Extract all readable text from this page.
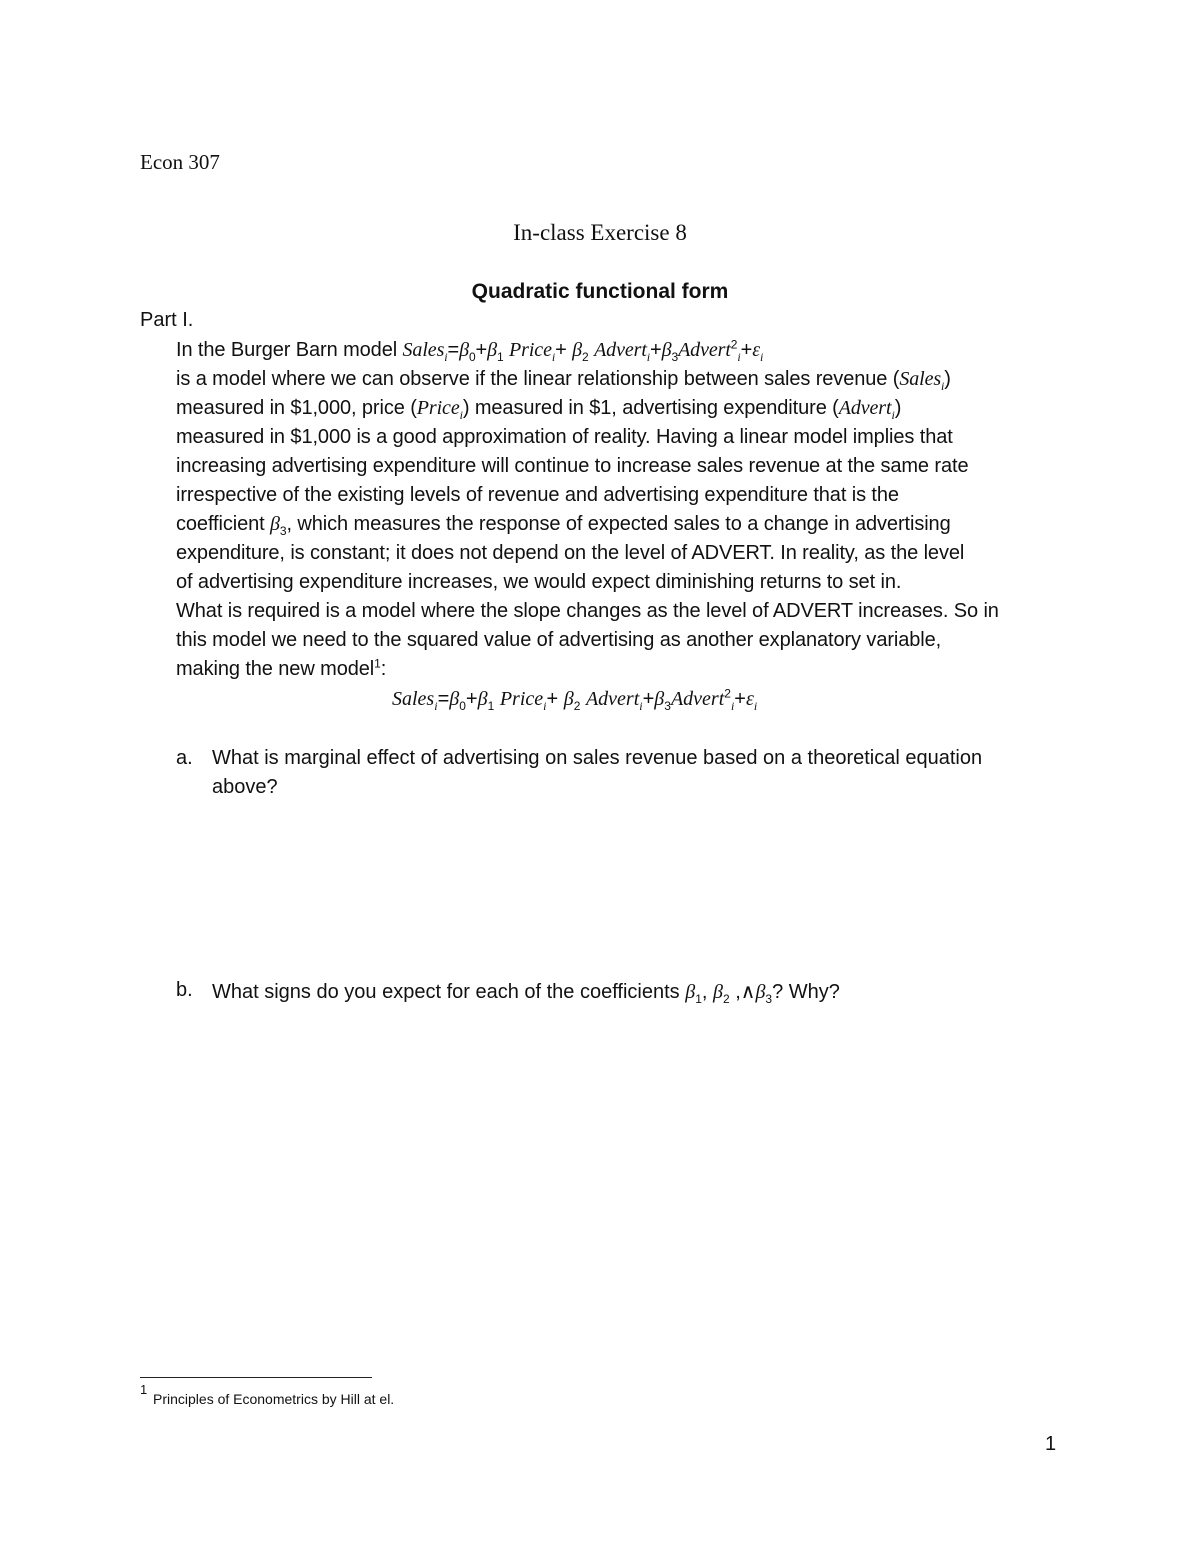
Econ 307
In-class Exercise 8
Quadratic functional form
Part I.
In the Burger Barn model $Sales_i=\beta_0+\beta_1$ Price$_i$+ $\beta_2$ $Advert_i+\beta_3Advert^2_i+\varepsilon_i$
is a model where we can observe if the linear relationship between sales revenue (Sales$_i$)
measured in $1,000, price (Price$_i$) measured in $1, advertising expenditure (Advert$_i$)
measured in $1,000 is a good approximation of reality. Having a linear model implies that
increasing advertising expenditure will continue to increase sales revenue at the same rate
irrespective of the existing levels of revenue and advertising expenditure that is the
coefficient $\beta_3$, which measures the response of expected sales to a change in advertising
expenditure, is constant; it does not depend on the level of ADVERT. In reality, as the level
of advertising expenditure increases, we would expect diminishing returns to set in.
What is required is a model where the slope changes as the level of ADVERT increases. So in
this model we need to the squared value of advertising as another explanatory variable,
making the new model$^1$:
$Sales_i=\beta_0+\beta_1$ Price$_i$+ $\beta_2$ $Advert_i+\beta_3Advert^2_i+\varepsilon_i$
a. What is marginal effect of advertising on sales revenue based on a theoretical equation
above?
b. What signs do you expect for each of the coefficients $\beta_1$, $\beta_2$ $,\wedge\beta_3$? Why?
1
Principles of Econometrics by Hill at el.
1
